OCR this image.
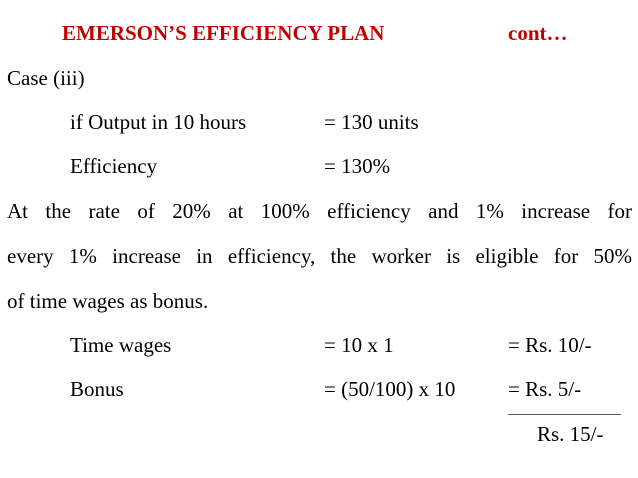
EMERSON’S EFFICIENCY PLAN	cont…
Case (iii)
if Output in 10 hours	= 130 units
Efficiency	= 130%
At the rate of 20% at 100% efficiency and 1% increase for
every 1% increase in efficiency, the worker is eligible for 50%
of time wages as bonus.
Time wages	= 10 x 1	= Rs. 10/-
Bonus	= (50/100) x 10	= Rs. 5/-
Rs. 15/-
